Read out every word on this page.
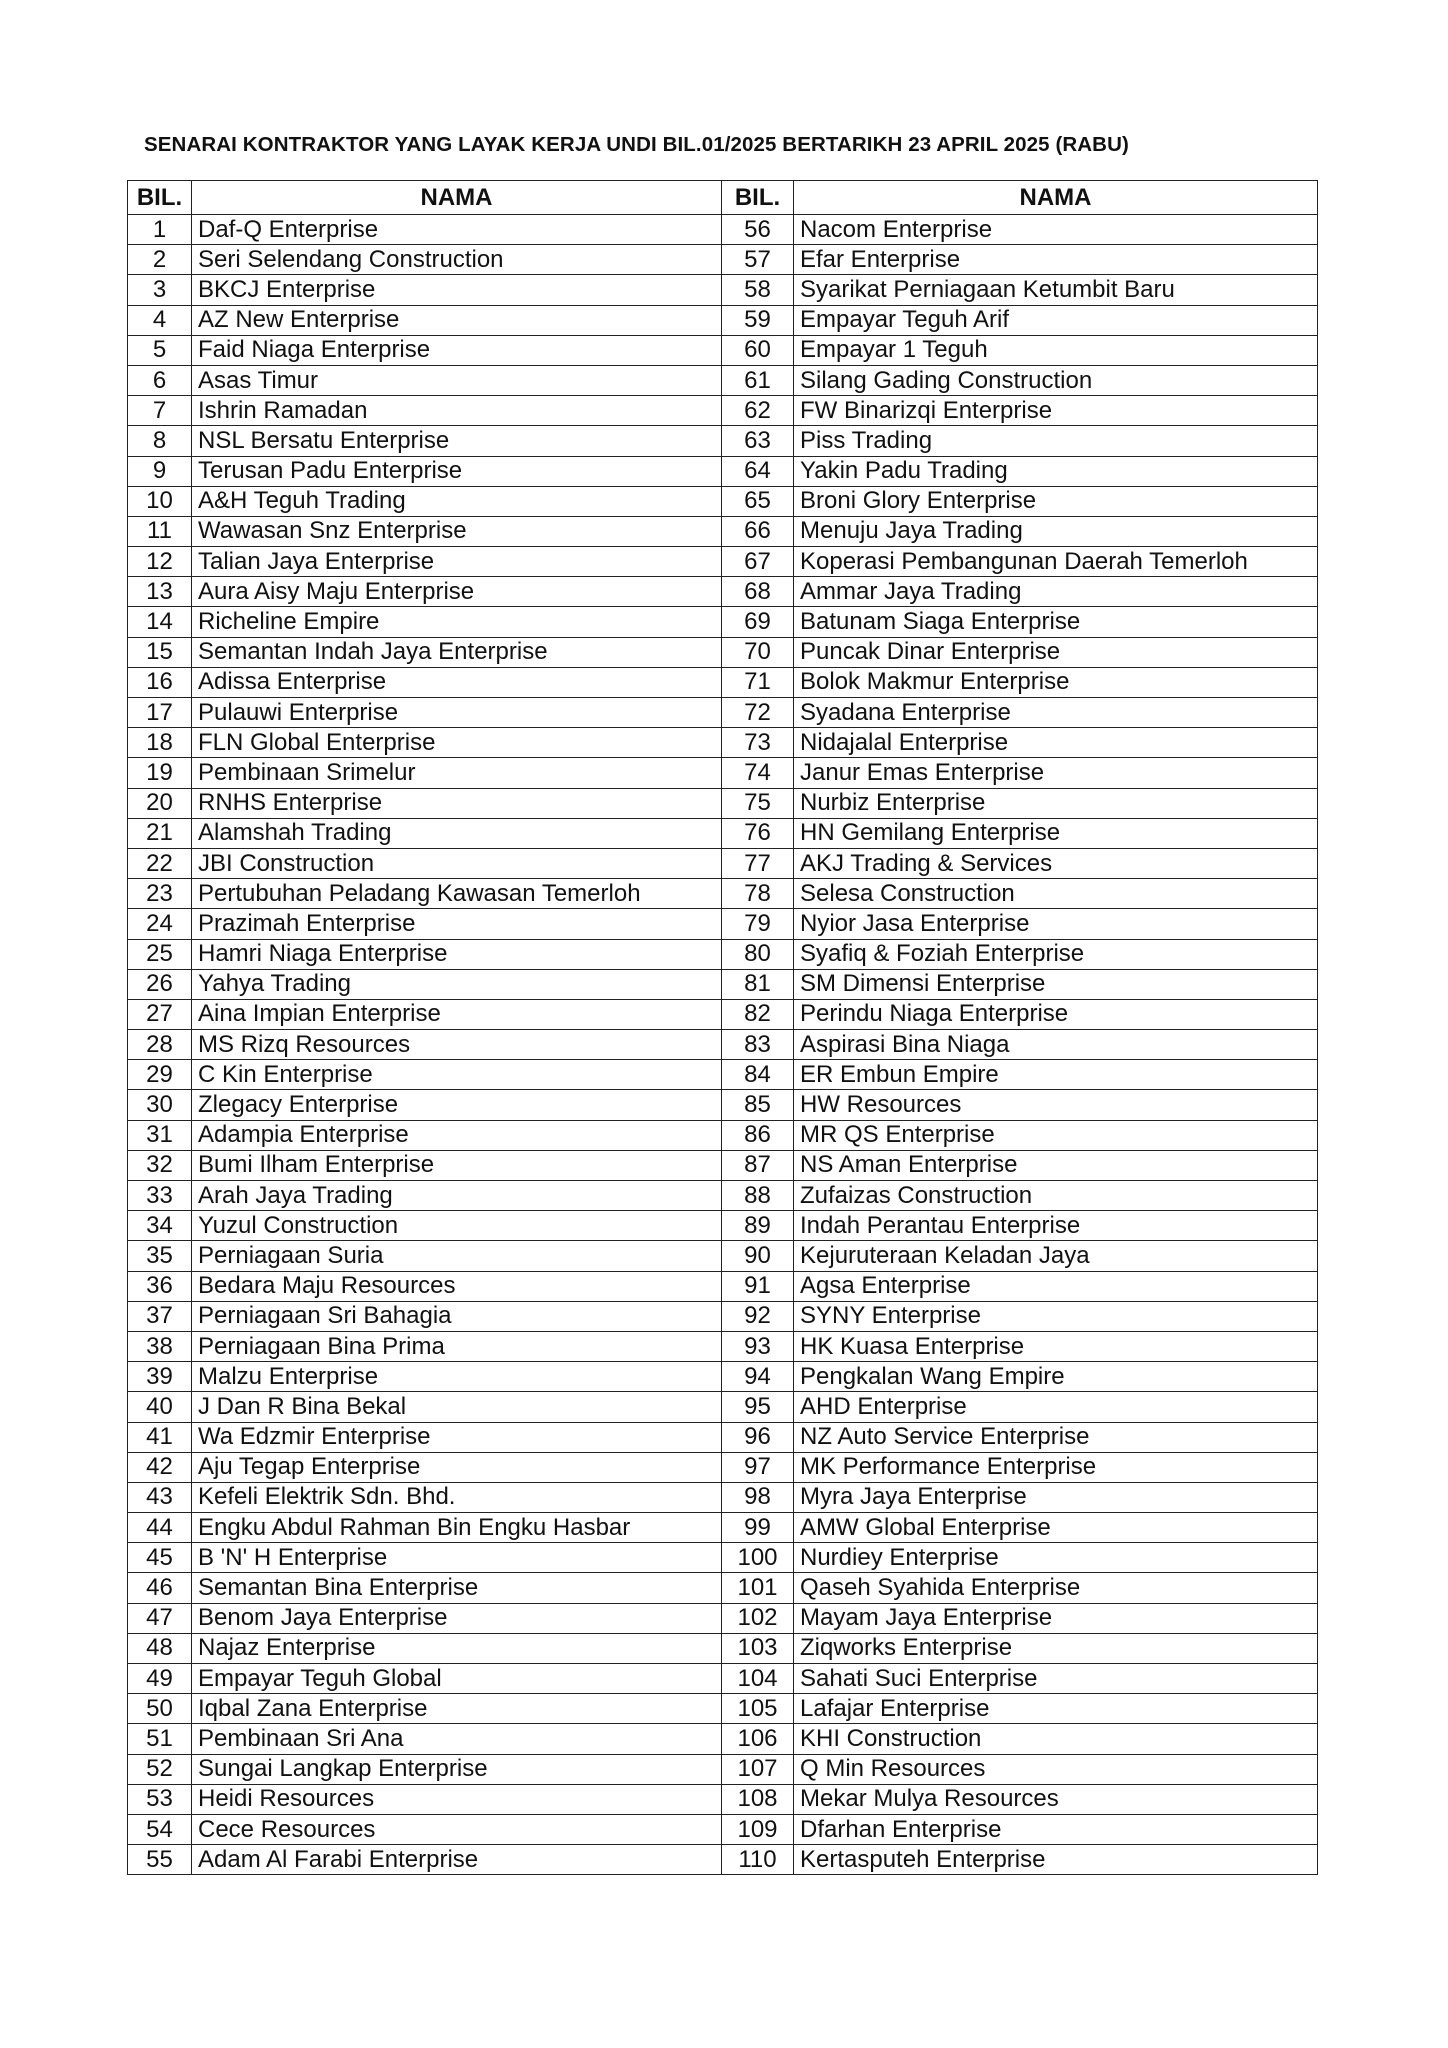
SENARAI KONTRAKTOR YANG LAYAK KERJA UNDI BIL.01/2025 BERTARIKH 23 APRIL 2025 (RABU)
BIL.	NAMA	BIL.	NAMA
1	Daf-Q Enterprise	56	Nacom Enterprise
2	Seri Selendang Construction	57	Efar Enterprise
3	BKCJ Enterprise	58	Syarikat Perniagaan Ketumbit Baru
4	AZ New Enterprise	59	Empayar Teguh Arif
5	Faid Niaga Enterprise	60	Empayar 1 Teguh
6	Asas Timur	61	Silang Gading Construction
7	Ishrin Ramadan	62	FW Binarizqi Enterprise
8	NSL Bersatu Enterprise	63	Piss Trading
9	Terusan Padu Enterprise	64	Yakin Padu Trading
10	A&H Teguh Trading	65	Broni Glory Enterprise
11	Wawasan Snz Enterprise	66	Menuju Jaya Trading
12	Talian Jaya Enterprise	67	Koperasi Pembangunan Daerah Temerloh
13	Aura Aisy Maju Enterprise	68	Ammar Jaya Trading
14	Richeline Empire	69	Batunam Siaga Enterprise
15	Semantan Indah Jaya Enterprise	70	Puncak Dinar Enterprise
16	Adissa Enterprise	71	Bolok Makmur Enterprise
17	Pulauwi Enterprise	72	Syadana Enterprise
18	FLN Global Enterprise	73	Nidajalal Enterprise
19	Pembinaan Srimelur	74	Janur Emas Enterprise
20	RNHS Enterprise	75	Nurbiz Enterprise
21	Alamshah Trading	76	HN Gemilang Enterprise
22	JBI Construction	77	AKJ Trading & Services
23	Pertubuhan Peladang Kawasan Temerloh	78	Selesa Construction
24	Prazimah Enterprise	79	Nyior Jasa Enterprise
25	Hamri Niaga Enterprise	80	Syafiq & Foziah Enterprise
26	Yahya Trading	81	SM Dimensi Enterprise
27	Aina Impian Enterprise	82	Perindu Niaga Enterprise
28	MS Rizq Resources	83	Aspirasi Bina Niaga
29	C Kin Enterprise	84	ER Embun Empire
30	Zlegacy Enterprise	85	HW Resources
31	Adampia Enterprise	86	MR QS Enterprise
32	Bumi Ilham Enterprise	87	NS Aman Enterprise
33	Arah Jaya Trading	88	Zufaizas Construction
34	Yuzul Construction	89	Indah Perantau Enterprise
35	Perniagaan Suria	90	Kejuruteraan Keladan Jaya
36	Bedara Maju Resources	91	Agsa Enterprise
37	Perniagaan Sri Bahagia	92	SYNY Enterprise
38	Perniagaan Bina Prima	93	HK Kuasa Enterprise
39	Malzu Enterprise	94	Pengkalan Wang Empire
40	J Dan R Bina Bekal	95	AHD Enterprise
41	Wa Edzmir Enterprise	96	NZ Auto Service Enterprise
42	Aju Tegap Enterprise	97	MK Performance Enterprise
43	Kefeli Elektrik Sdn. Bhd.	98	Myra Jaya Enterprise
44	Engku Abdul Rahman Bin Engku Hasbar	99	AMW Global Enterprise
45	B 'N' H Enterprise	100	Nurdiey Enterprise
46	Semantan Bina Enterprise	101	Qaseh Syahida Enterprise
47	Benom Jaya Enterprise	102	Mayam Jaya Enterprise
48	Najaz Enterprise	103	Ziqworks Enterprise
49	Empayar Teguh Global	104	Sahati Suci Enterprise
50	Iqbal Zana Enterprise	105	Lafajar Enterprise
51	Pembinaan Sri Ana	106	KHI Construction
52	Sungai Langkap Enterprise	107	Q Min Resources
53	Heidi Resources	108	Mekar Mulya Resources
54	Cece Resources	109	Dfarhan Enterprise
55	Adam Al Farabi Enterprise	110	Kertasputeh Enterprise
